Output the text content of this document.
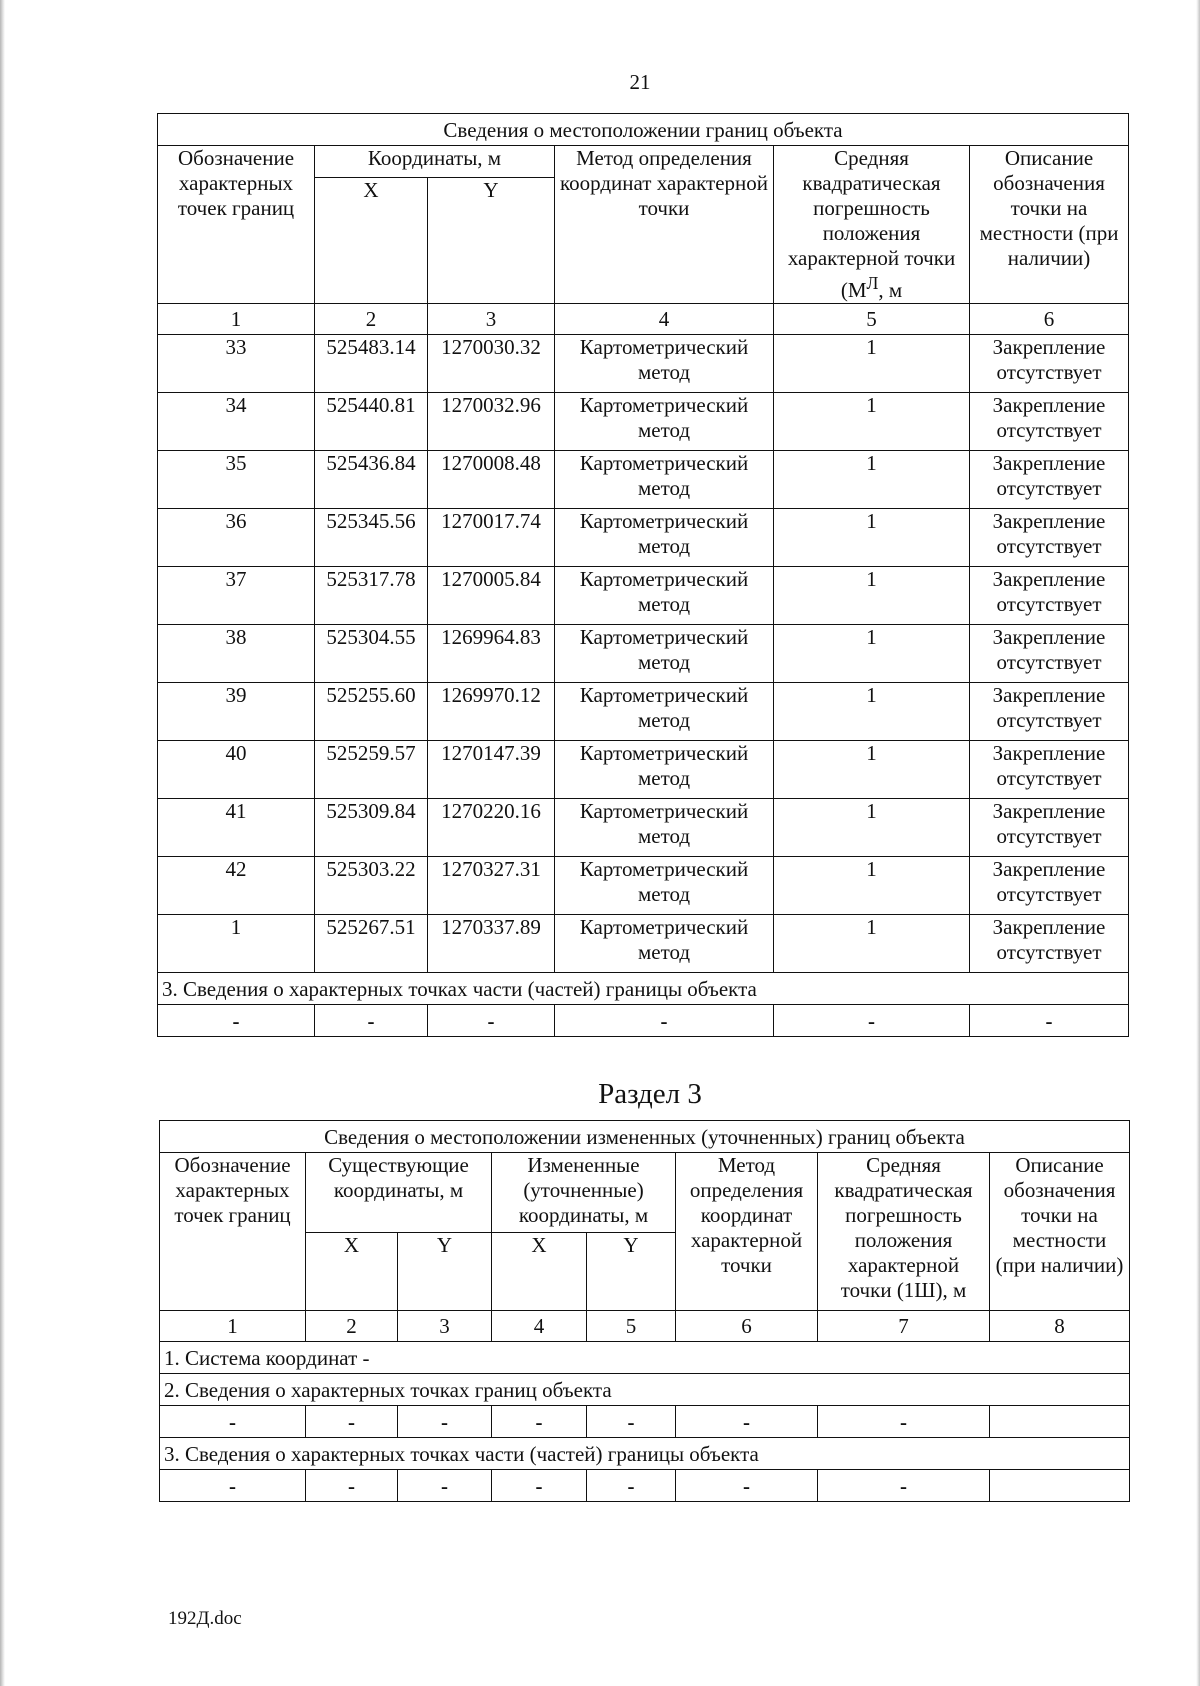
21
Сведения о местоположении границ объекта					
Обозначение характерных точек границ	Координаты, м		Метод определения координат характерной точки	Средняя квадратическая погрешность положения характерной точки ($М^Л$, м	Описание обозначения точки на местности (при наличии)
	X	Y			
1	2	3	4	5	6
33	525483.14	1270030.32	Картометрический метод	1	Закрепление отсутствует
34	525440.81	1270032.96	Картометрический метод	1	Закрепление отсутствует
35	525436.84	1270008.48	Картометрический метод	1	Закрепление отсутствует
36	525345.56	1270017.74	Картометрический метод	1	Закрепление отсутствует
37	525317.78	1270005.84	Картометрический метод	1	Закрепление отсутствует
38	525304.55	1269964.83	Картометрический метод	1	Закрепление отсутствует
39	525255.60	1269970.12	Картометрический метод	1	Закрепление отсутствует
40	525259.57	1270147.39	Картометрический метод	1	Закрепление отсутствует
41	525309.84	1270220.16	Картометрический метод	1	Закрепление отсутствует
42	525303.22	1270327.31	Картометрический метод	1	Закрепление отсутствует
1	525267.51	1270337.89	Картометрический метод	1	Закрепление отсутствует
3. Сведения о характерных точках части (частей) границы объекта					
-	-	-	-	-	-
Раздел 3
Сведения о местоположении измененных (уточненных) границ объекта							
Обозначение характерных точек границ	Существующие координаты, м		Измененные (уточненные) координаты, м		Метод определения координат характерной точки	Средняя квадратическая погрешность положения характерной точки (1Ш), м	Описание обозначения точки на местности (при наличии)
	X	Y	X	Y			
1	2	3	4	5	6	7	8
1. Система координат -							
2. Сведения о характерных точках границ объекта							
-	-	-	-	-	-	-	
3. Сведения о характерных точках части (частей) границы объекта							
-	-	-	-	-	-	-	
192Д.doc
